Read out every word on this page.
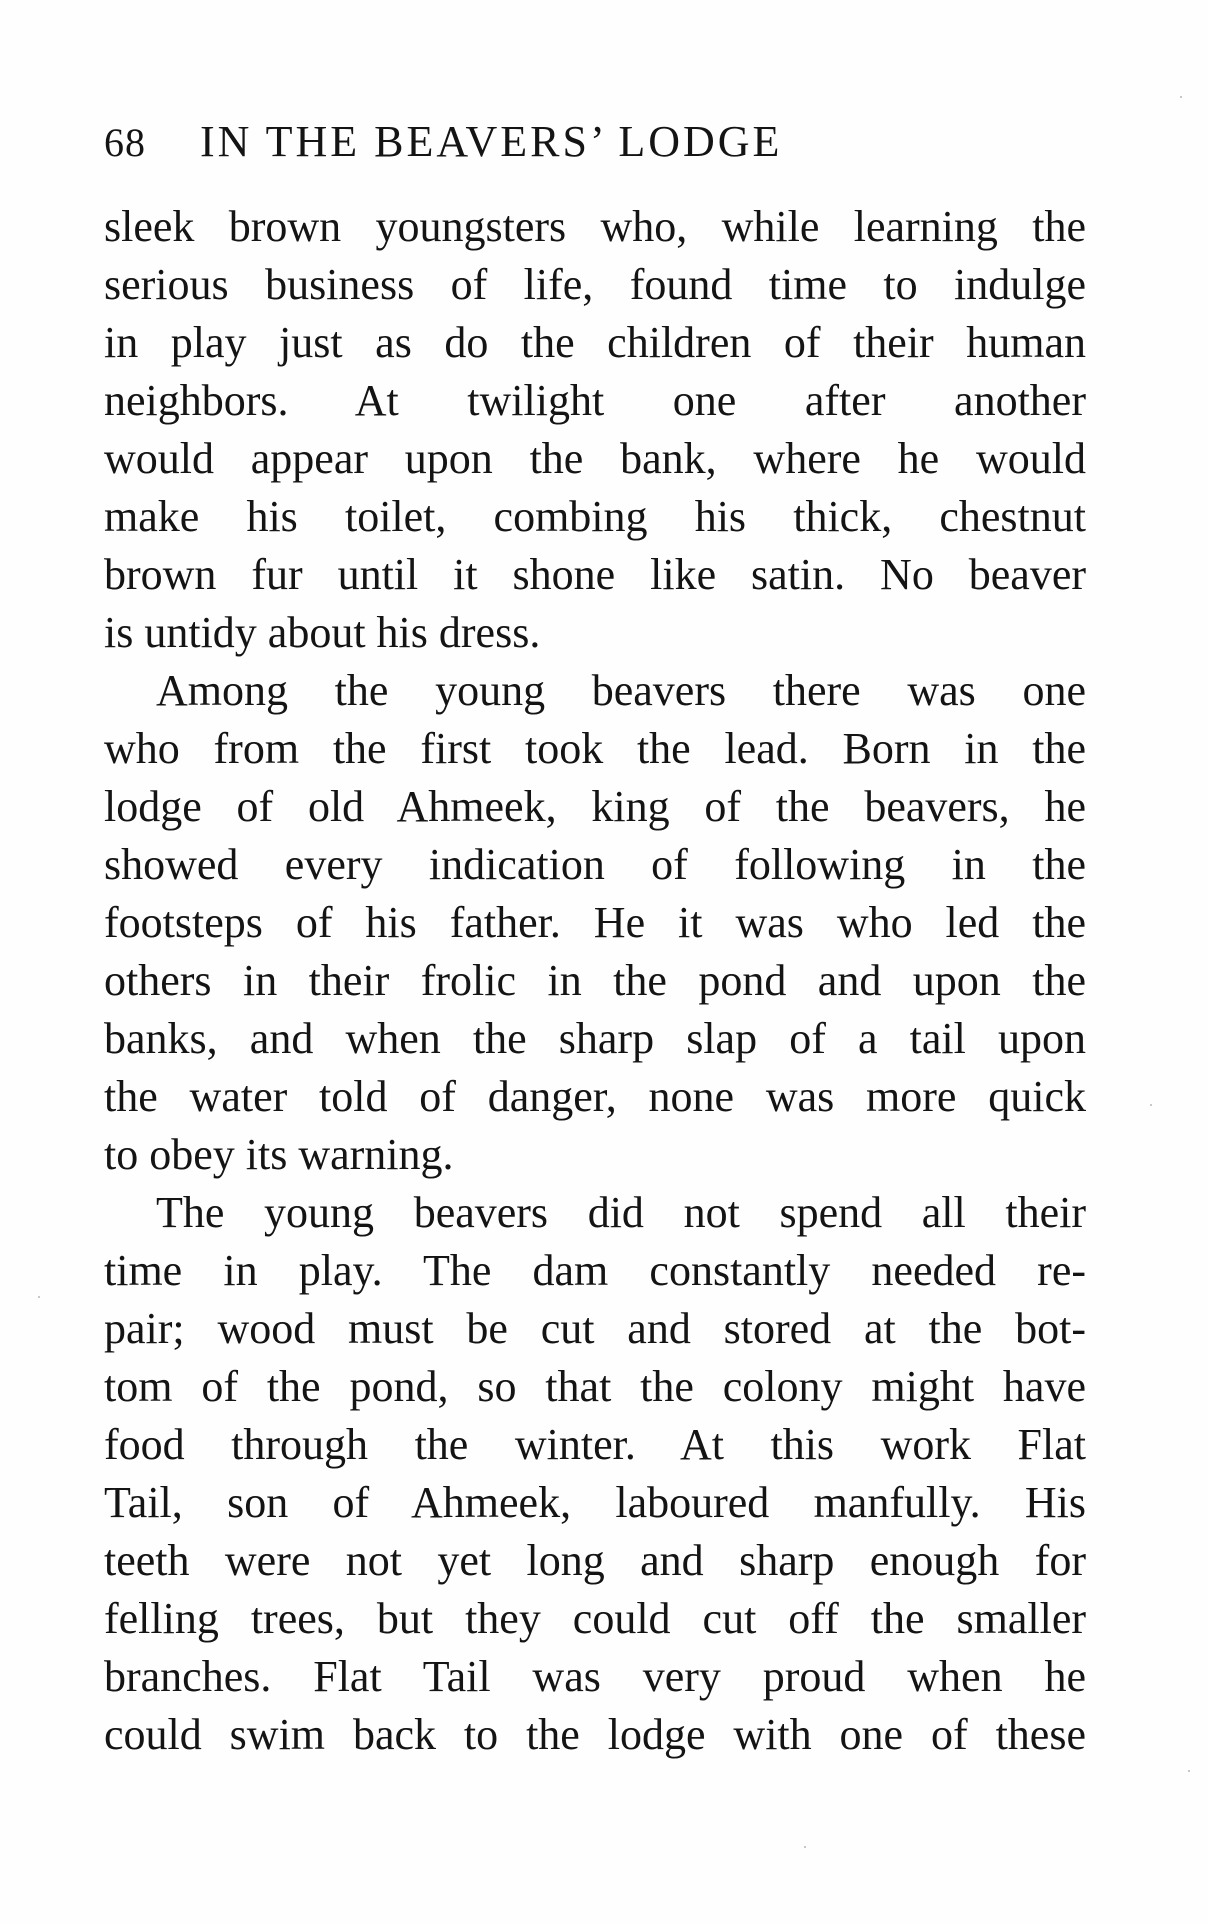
68 IN THE BEAVERS’ LODGE
sleek brown youngsters who, while learning the
serious business of life, found time to indulge
in play just as do the children of their human
neighbors. At twilight one after another
would appear upon the bank, where he would
make his toilet, combing his thick, chestnut
brown fur until it shone like satin. No beaver
is untidy about his dress.
Among the young beavers there was one
who from the first took the lead. Born in the
lodge of old Ahmeek, king of the beavers, he
showed every indication of following in the
footsteps of his father. He it was who led the
others in their frolic in the pond and upon the
banks, and when the sharp slap of a tail upon
the water told of danger, none was more quick
to obey its warning.
The young beavers did not spend all their
time in play. The dam constantly needed re-
pair; wood must be cut and stored at the bot-
tom of the pond, so that the colony might have
food through the winter. At this work Flat
Tail, son of Ahmeek, laboured manfully. His
teeth were not yet long and sharp enough for
felling trees, but they could cut off the smaller
branches. Flat Tail was very proud when he
could swim back to the lodge with one of these
